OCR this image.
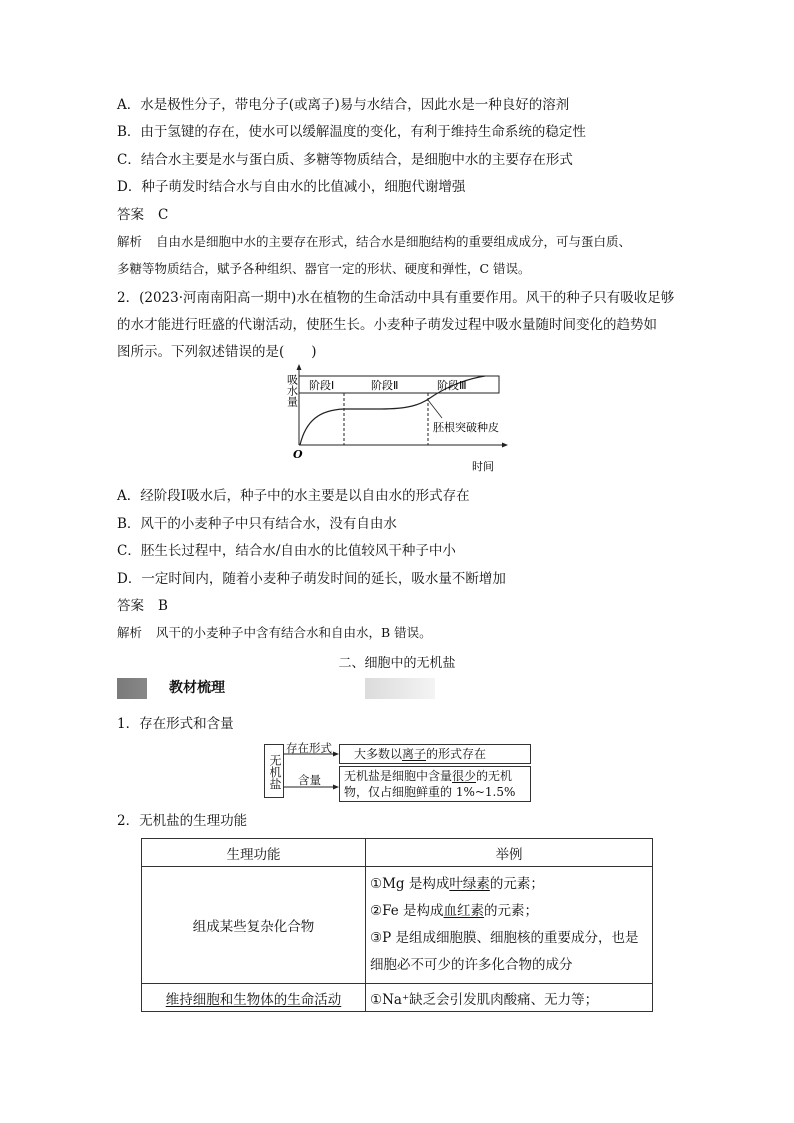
A．水是极性分子，带电分子(或离子)易与水结合，因此水是一种良好的溶剂
B．由于氢键的存在，使水可以缓解温度的变化，有利于维持生命系统的稳定性
C．结合水主要是水与蛋白质、多糖等物质结合，是细胞中水的主要存在形式
D．种子萌发时结合水与自由水的比值减小，细胞代谢增强
答案 C
解析 自由水是细胞中水的主要存在形式，结合水是细胞结构的重要组成成分，可与蛋白质、
多糖等物质结合，赋予各种组织、器官一定的形状、硬度和弹性，C 错误。
2．(2023·河南南阳高一期中)水在植物的生命活动中具有重要作用。风干的种子只有吸收足够
的水才能进行旺盛的代谢活动，使胚生长。小麦种子萌发过程中吸水量随时间变化的趋势如
图所示。下列叙述错误的是(　　)
阶段Ⅰ	阶段Ⅱ	阶段Ⅲ
胚根突破种皮
O
时间
吸水量
A．经阶段Ⅰ吸水后，种子中的水主要是以自由水的形式存在
B．风干的小麦种子中只有结合水，没有自由水
C．胚生长过程中，结合水/自由水的比值较风干种子中小
D．一定时间内，随着小麦种子萌发时间的延长，吸水量不断增加
答案 B
解析 风干的小麦种子中含有结合水和自由水，B 错误。
二、细胞中的无机盐
教材梳理
1．存在形式和含量
无机盐
存在形式
含量
大多数以离子的形式存在
无机盐是细胞中含量很少的无机
物，仅占细胞鲜重的 1%~1.5%
2．无机盐的生理功能
生理功能	举例
组成某些复杂化合物	①Mg 是构成叶绿素的元素；
②Fe 是构成血红素的元素；
③P 是组成细胞膜、细胞核的重要成分，也是
细胞必不可少的许多化合物的成分

维持细胞和生物体的生命活动	①Na⁺缺乏会引发肌肉酸痛、无力等；
